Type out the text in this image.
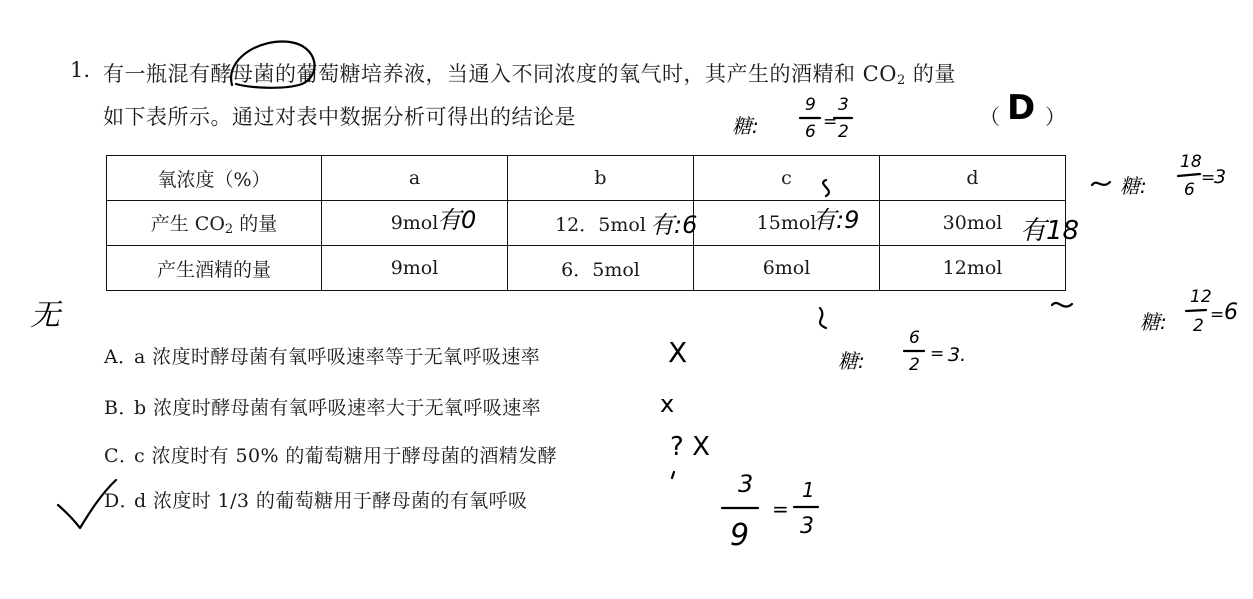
1. 有一瓶混有酵母菌的葡萄糖培养液，当通入不同浓度的氧气时，其产生的酒精和 $CO_2$ 的量
如下表所示。通过对表中数据分析可得出的结论是	（ D ）
氧浓度（%）	a	b	c	d
产生 $CO_2$ 的量	9mol	12．5mol	15mol	30mol
产生酒精的量	9mol	6．5mol	6mol	12mol
A．a 浓度时酵母菌有氧呼吸速率等于无氧呼吸速率
B．b 浓度时酵母菌有氧呼吸速率大于无氧呼吸速率
C．c 浓度时有 50% 的葡萄糖用于酵母菌的酒精发酵
D．d 浓度时 1/3 的葡萄糖用于酵母菌的有氧呼吸
无
有0	有:6	有:9	有18
糖:
9
6 =
3
2
糖:
18
6
=
3
糖:
12
2
= 6
糖:
6
2
= 3.
X
x
? X
3
9
=
1
3
